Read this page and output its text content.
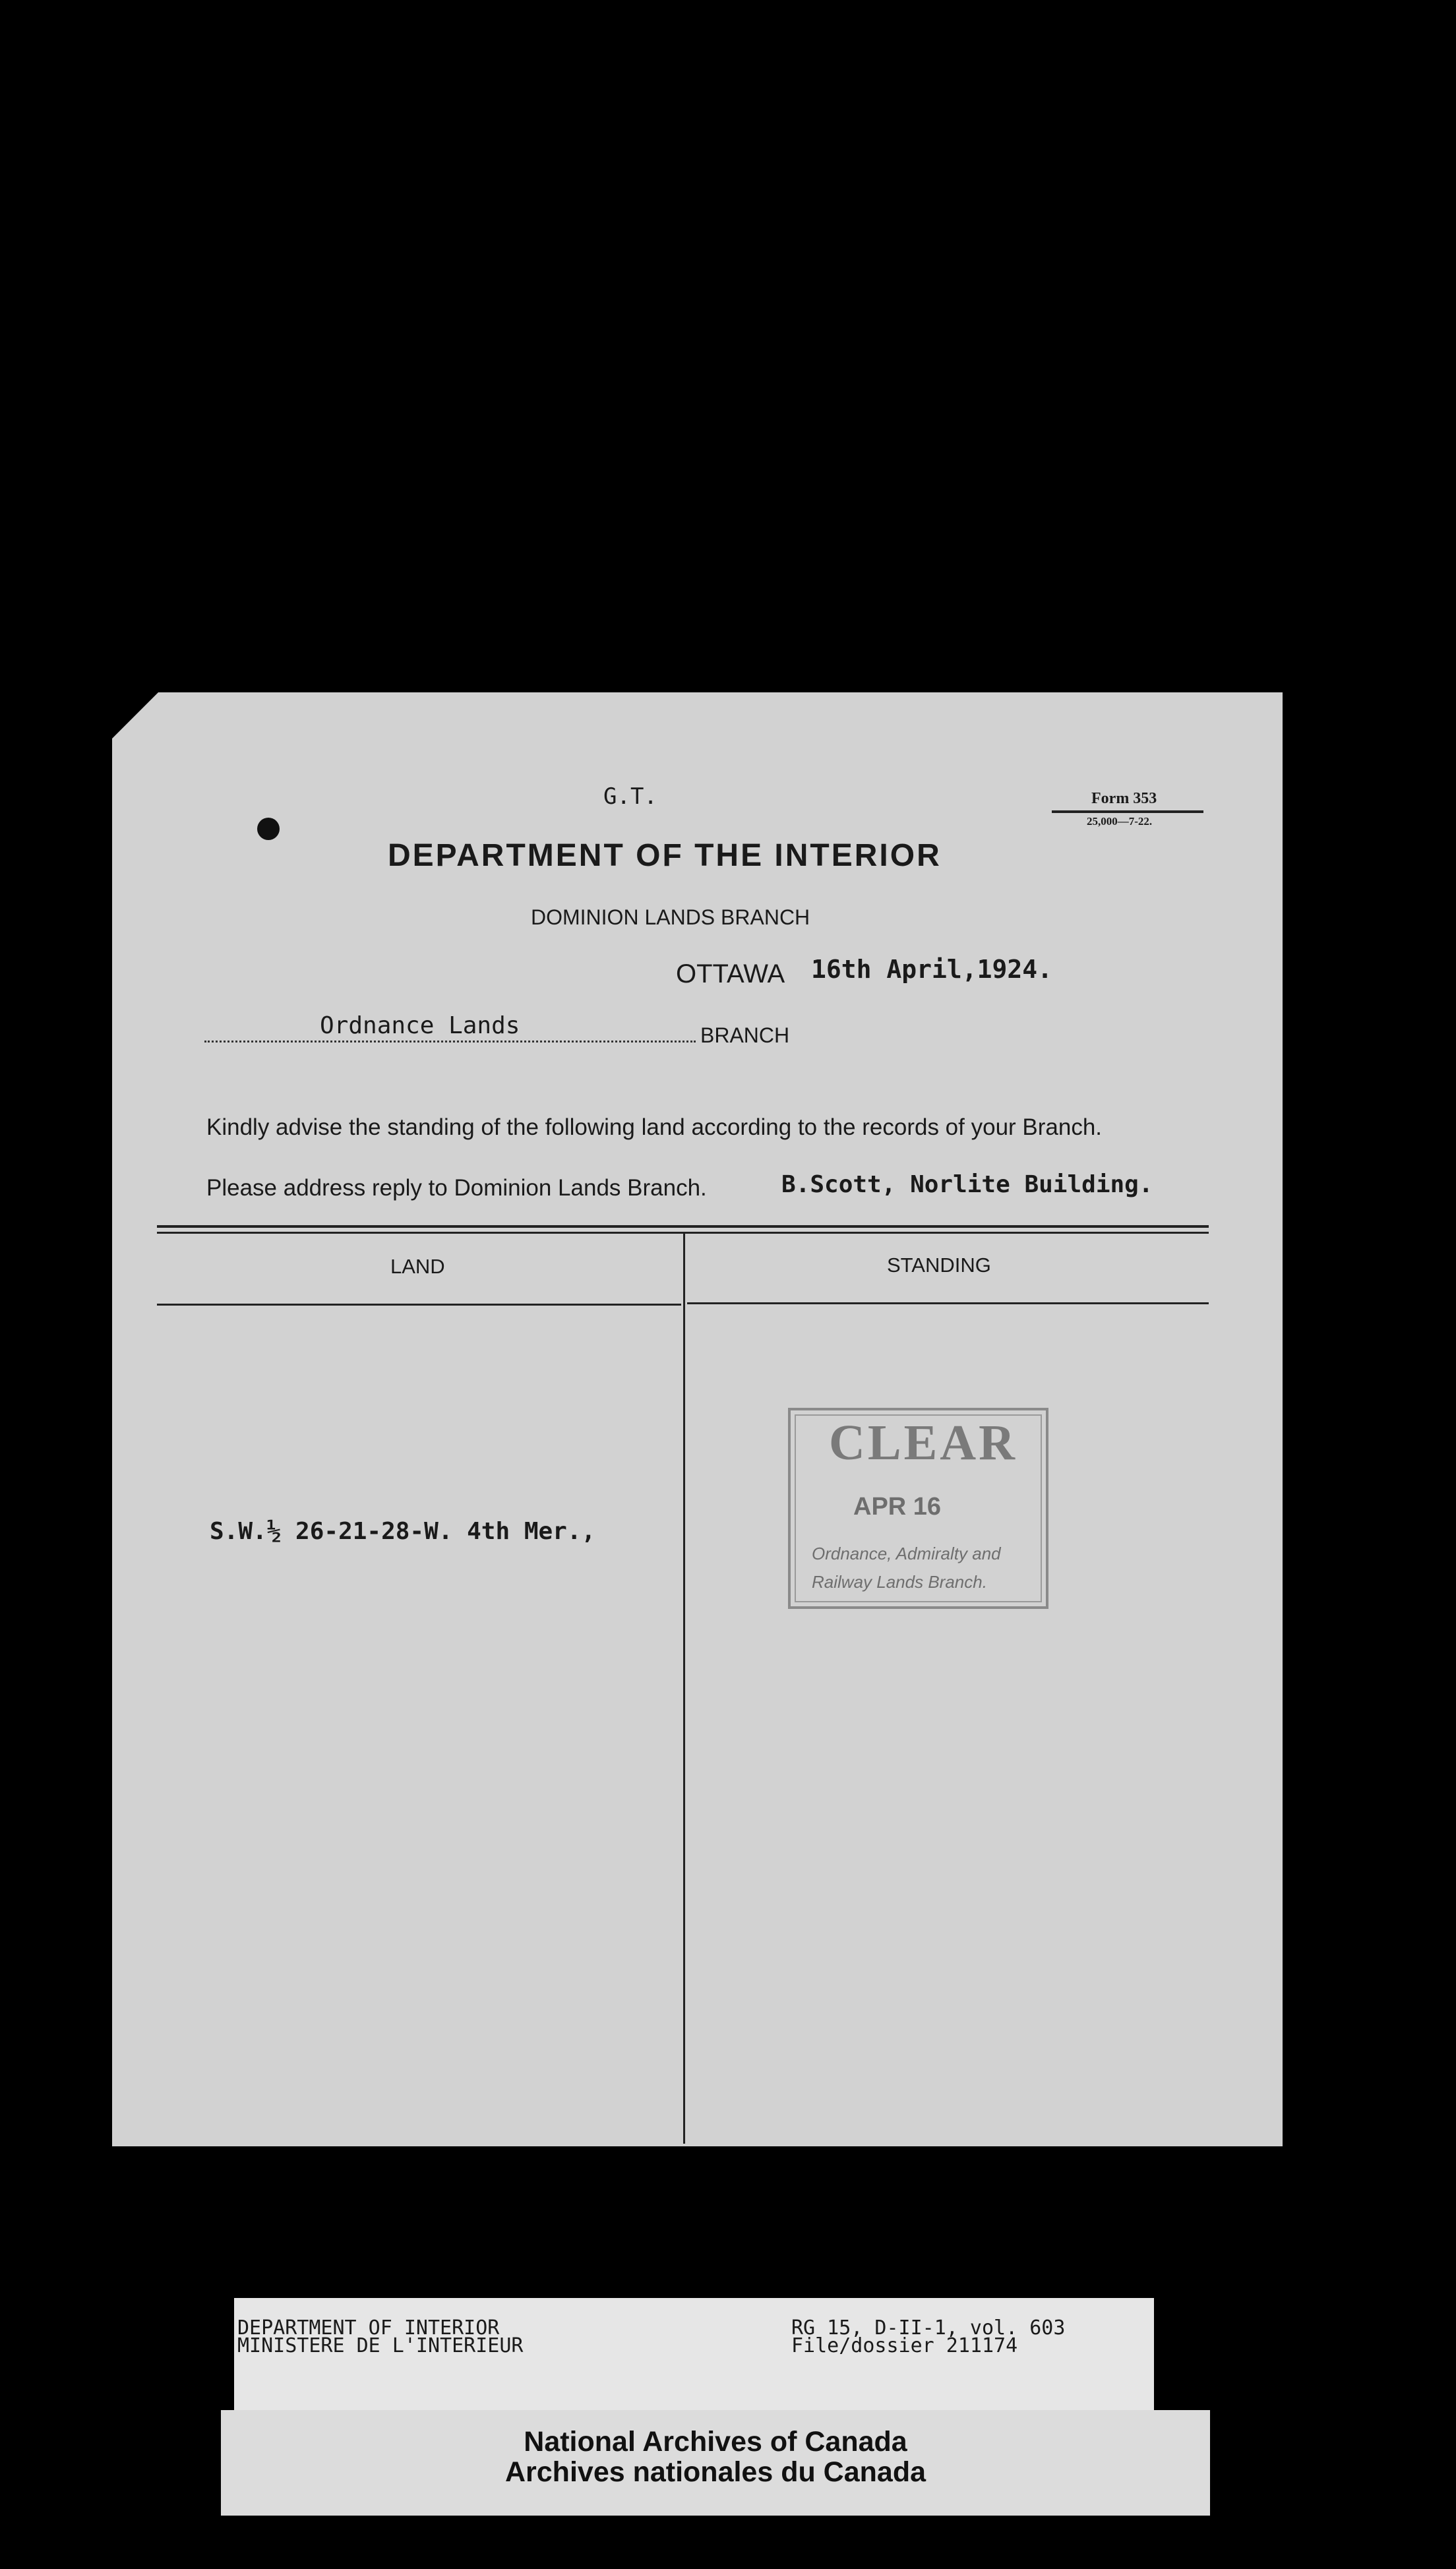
G.T.	Form 353
25,000—7-22.
DEPARTMENT OF THE INTERIOR
DOMINION LANDS BRANCH
OTTAWA 16th April,1924.
Ordnance Lands	BRANCH
Kindly advise the standing of the following land according to the records of your Branch.
Please address reply to Dominion Lands Branch.	B.Scott, Norlite Building.
LAND	STANDING
S.W.½ 26-21-28-W. 4th Mer.,
CLEAR
APR 16
Ordnance, Admiralty and
Railway Lands Branch.
DEPARTMENT OF INTERIOR
MINISTERE DE L'INTERIEUR
RG 15, D-II-1, vol. 603
File/dossier 211174
National Archives of Canada
Archives nationales du Canada
